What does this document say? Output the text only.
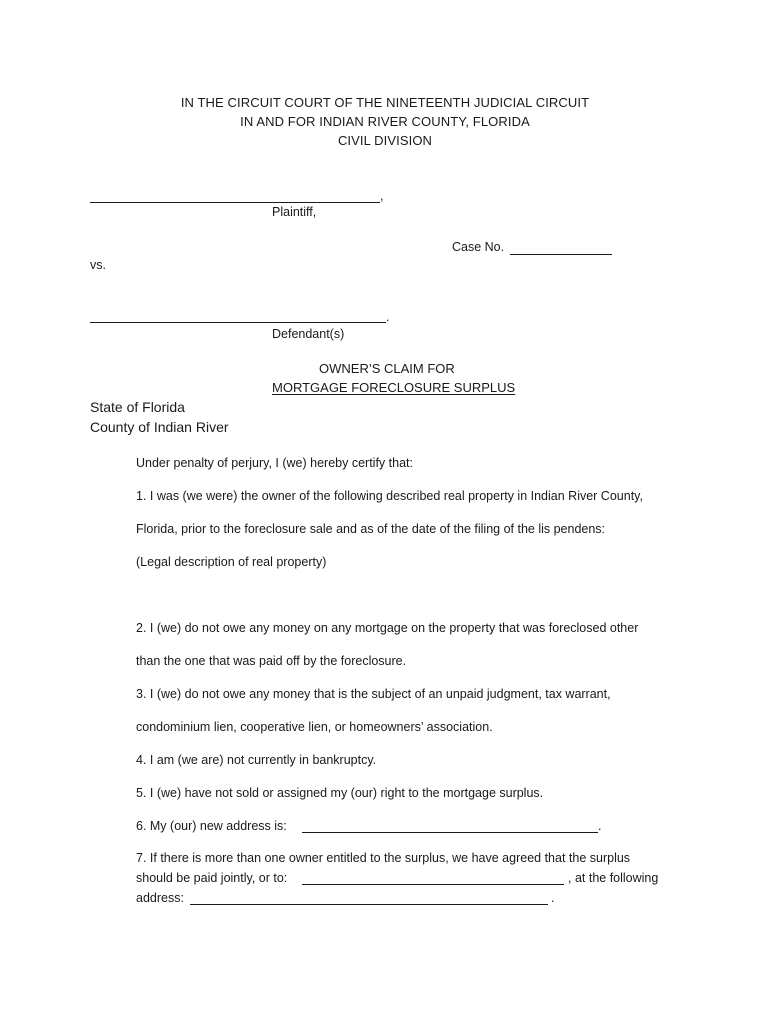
IN THE CIRCUIT COURT OF THE NINETEENTH JUDICIAL CIRCUIT
IN AND FOR INDIAN RIVER COUNTY, FLORIDA
CIVIL DIVISION
,
Plaintiff,
Case No.
vs.
.
Defendant(s)
OWNER’S CLAIM FOR
MORTGAGE FORECLOSURE SURPLUS
State of Florida
County of Indian River
Under penalty of perjury, I (we) hereby certify that:
1. I was (we were) the owner of the following described real property in Indian River County,
Florida, prior to the foreclosure sale and as of the date of the filing of the lis pendens:
(Legal description of real property)
2. I (we) do not owe any money on any mortgage on the property that was foreclosed other
than the one that was paid off by the foreclosure.
3. I (we) do not owe any money that is the subject of an unpaid judgment, tax warrant,
condominium lien, cooperative lien, or homeowners’ association.
4. I am (we are) not currently in bankruptcy.
5. I (we) have not sold or assigned my (our) right to the mortgage surplus.
6. My (our) new address is:	.
7. If there is more than one owner entitled to the surplus, we have agreed that the surplus
should be paid jointly, or to:	, at the following
address:	.
